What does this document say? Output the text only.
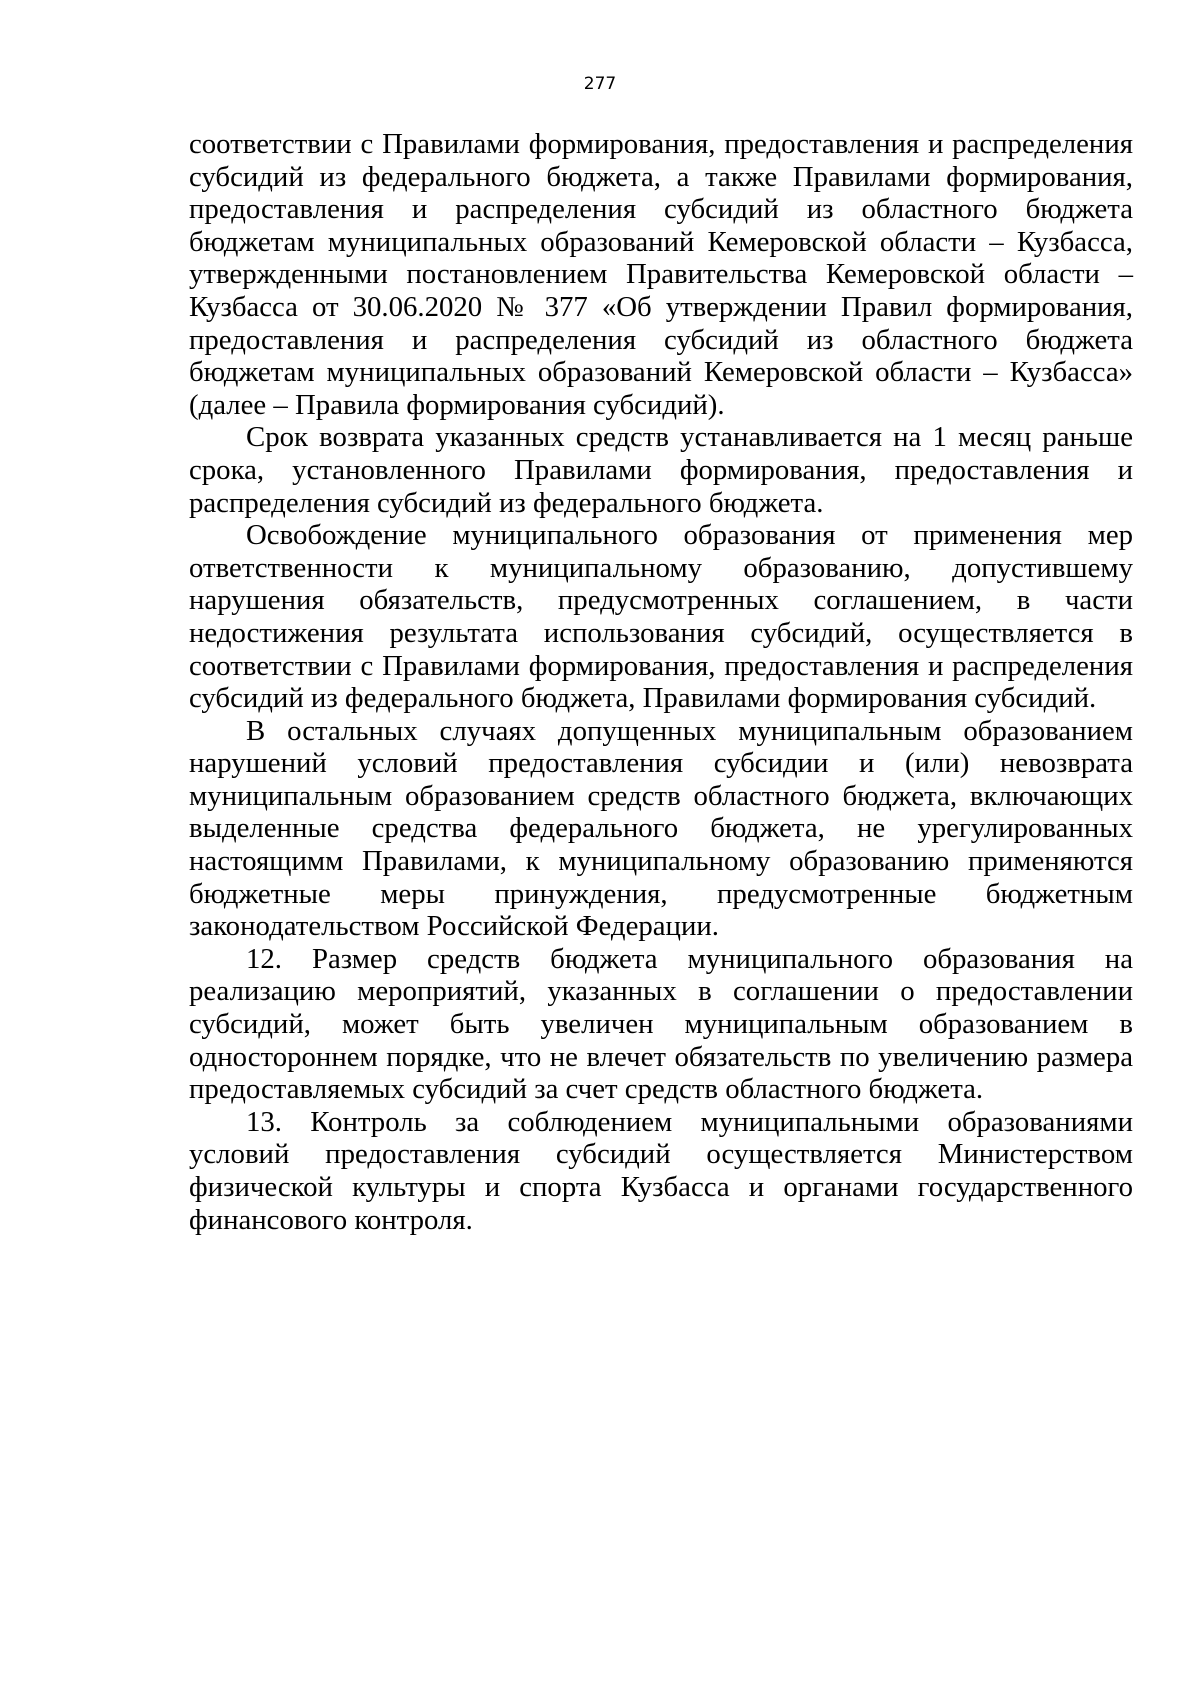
277

соответствии с Правилами формирования, предоставления и распределения субсидий из федерального бюджета, а также Правилами формирования, предоставления и распределения субсидий из областного бюджета бюджетам муниципальных образований Кемеровской области – Кузбасса, утвержденными постановлением Правительства Кемеровской области – Кузбасса от 30.06.2020 № 377 «Об утверждении Правил формирования, предоставления и распределения субсидий из областного бюджета бюджетам муниципальных образований Кемеровской области – Кузбасса» (далее – Правила формирования субсидий).

Срок возврата указанных средств устанавливается на 1 месяц раньше срока, установленного Правилами формирования, предоставления и распределения субсидий из федерального бюджета.

Освобождение муниципального образования от применения мер ответственности к муниципальному образованию, допустившему нарушения обязательств, предусмотренных соглашением, в части недостижения результата использования субсидий, осуществляется в соответствии с Правилами формирования, предоставления и распределения субсидий из федерального бюджета, Правилами формирования субсидий.

В остальных случаях допущенных муниципальным образованием нарушений условий предоставления субсидии и (или) невозврата муниципальным образованием средств областного бюджета, включающих выделенные средства федерального бюджета, не урегулированных настоящимм Правилами, к муниципальному образованию применяются бюджетные меры принуждения, предусмотренные бюджетным законодательством Российской Федерации.

12. Размер средств бюджета муниципального образования на реализацию мероприятий, указанных в соглашении о предоставлении субсидий, может быть увеличен муниципальным образованием в одностороннем порядке, что не влечет обязательств по увеличению размера предоставляемых субсидий за счет средств областного бюджета.

13. Контроль за соблюдением муниципальными образованиями условий предоставления субсидий осуществляется Министерством физической культуры и спорта Кузбасса и органами государственного финансового контроля.
